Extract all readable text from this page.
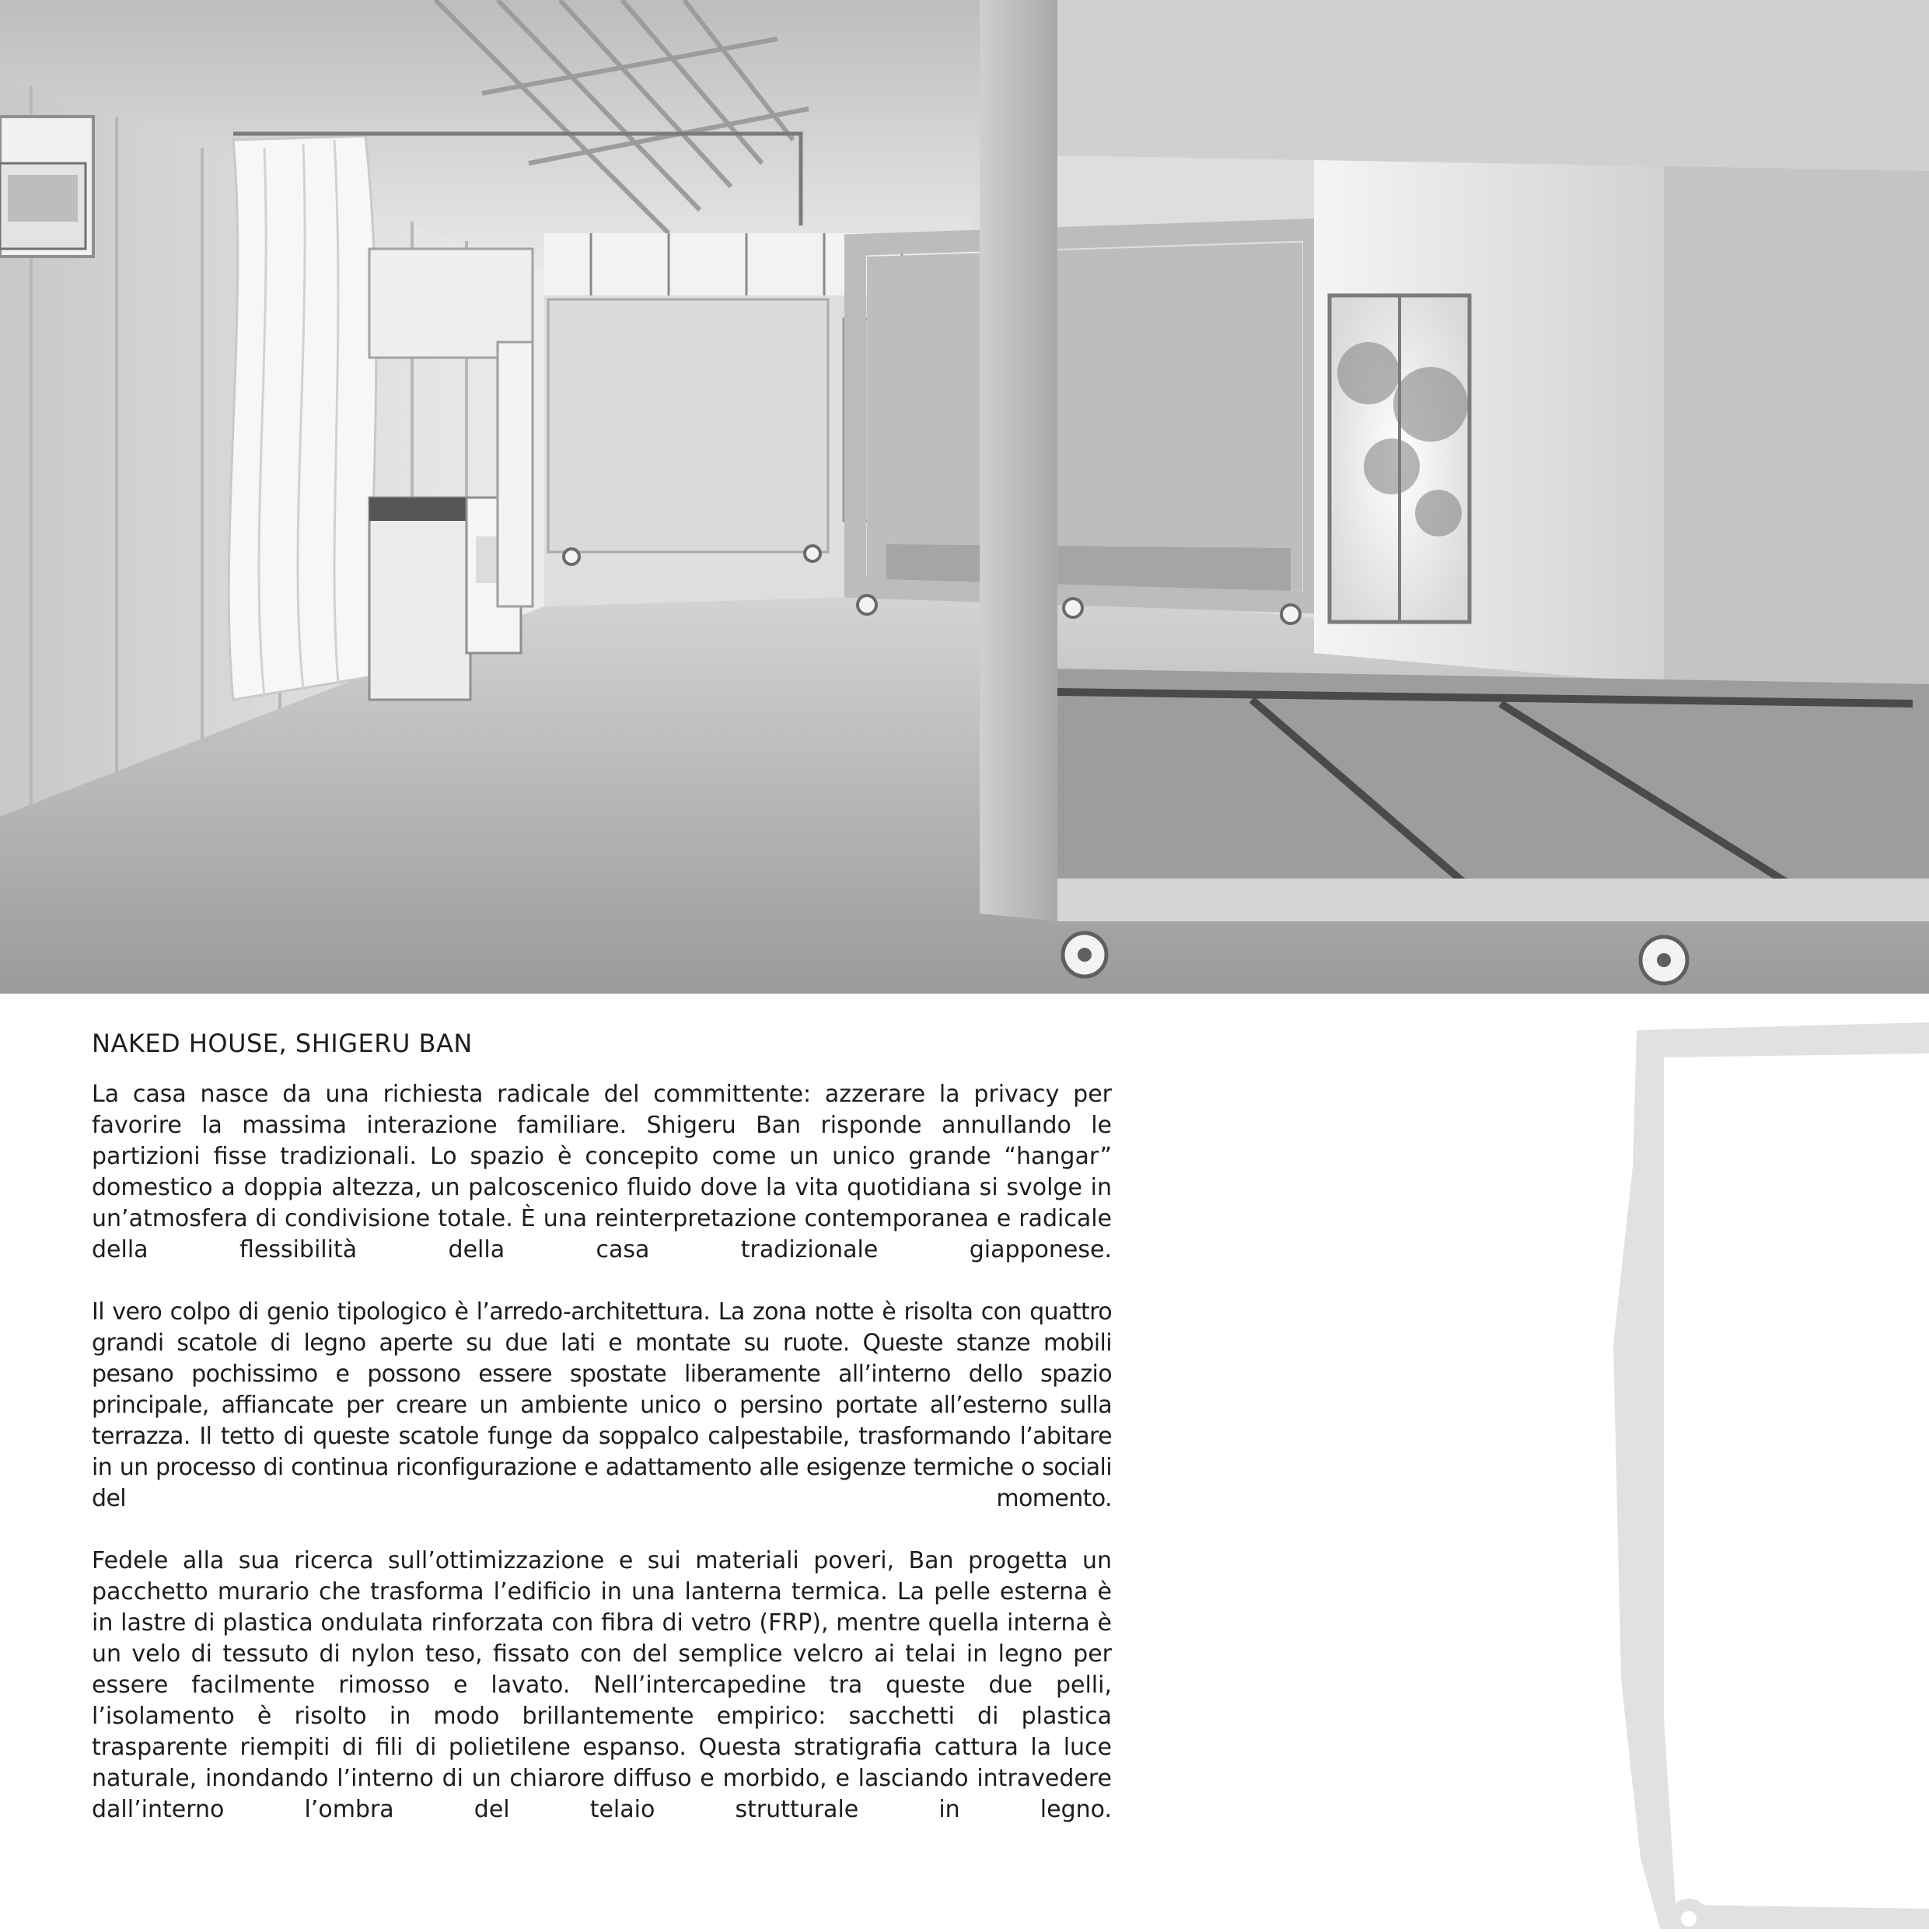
NAKED HOUSE, SHIGERU BAN

La casa nasce da una richiesta radicale del committente: azzerare la privacy per favorire la massima interazione familiare. Shigeru Ban risponde annullando le partizioni fisse tradizionali. Lo spazio è concepito come un unico grande “hangar” domestico a doppia altezza, un palcoscenico fluido dove la vita quotidiana si svolge in un’atmosfera di condivisione totale. È una reinterpretazione contemporanea e radicale della flessibilità della casa tradizionale giapponese.

Il vero colpo di genio tipologico è l’arredo-architettura. La zona notte è risolta con quattro grandi scatole di legno aperte su due lati e montate su ruote. Queste stanze mobili pesano pochissimo e possono essere spostate liberamente all’interno dello spazio principale, affiancate per creare un ambiente unico o persino portate all’esterno sulla terrazza. Il tetto di queste scatole funge da soppalco calpestabile, trasformando l’abitare in un processo di continua riconfigurazione e adattamento alle esigenze termiche o sociali del momento.

Fedele alla sua ricerca sull’ottimizzazione e sui materiali poveri, Ban progetta un pacchetto murario che trasforma l’edificio in una lanterna termica. La pelle esterna è in lastre di plastica ondulata rinforzata con fibra di vetro (FRP), mentre quella interna è un velo di tessuto di nylon teso, fissato con del semplice velcro ai telai in legno per essere facilmente rimosso e lavato. Nell’intercapedine tra queste due pelli, l’isolamento è risolto in modo brillantemente empirico: sacchetti di plastica trasparente riempiti di fili di polietilene espanso. Questa stratigrafia cattura la luce naturale, inondando l’interno di un chiarore diffuso e morbido, e lasciando intravedere dall’interno l’ombra del telaio strutturale in legno.
